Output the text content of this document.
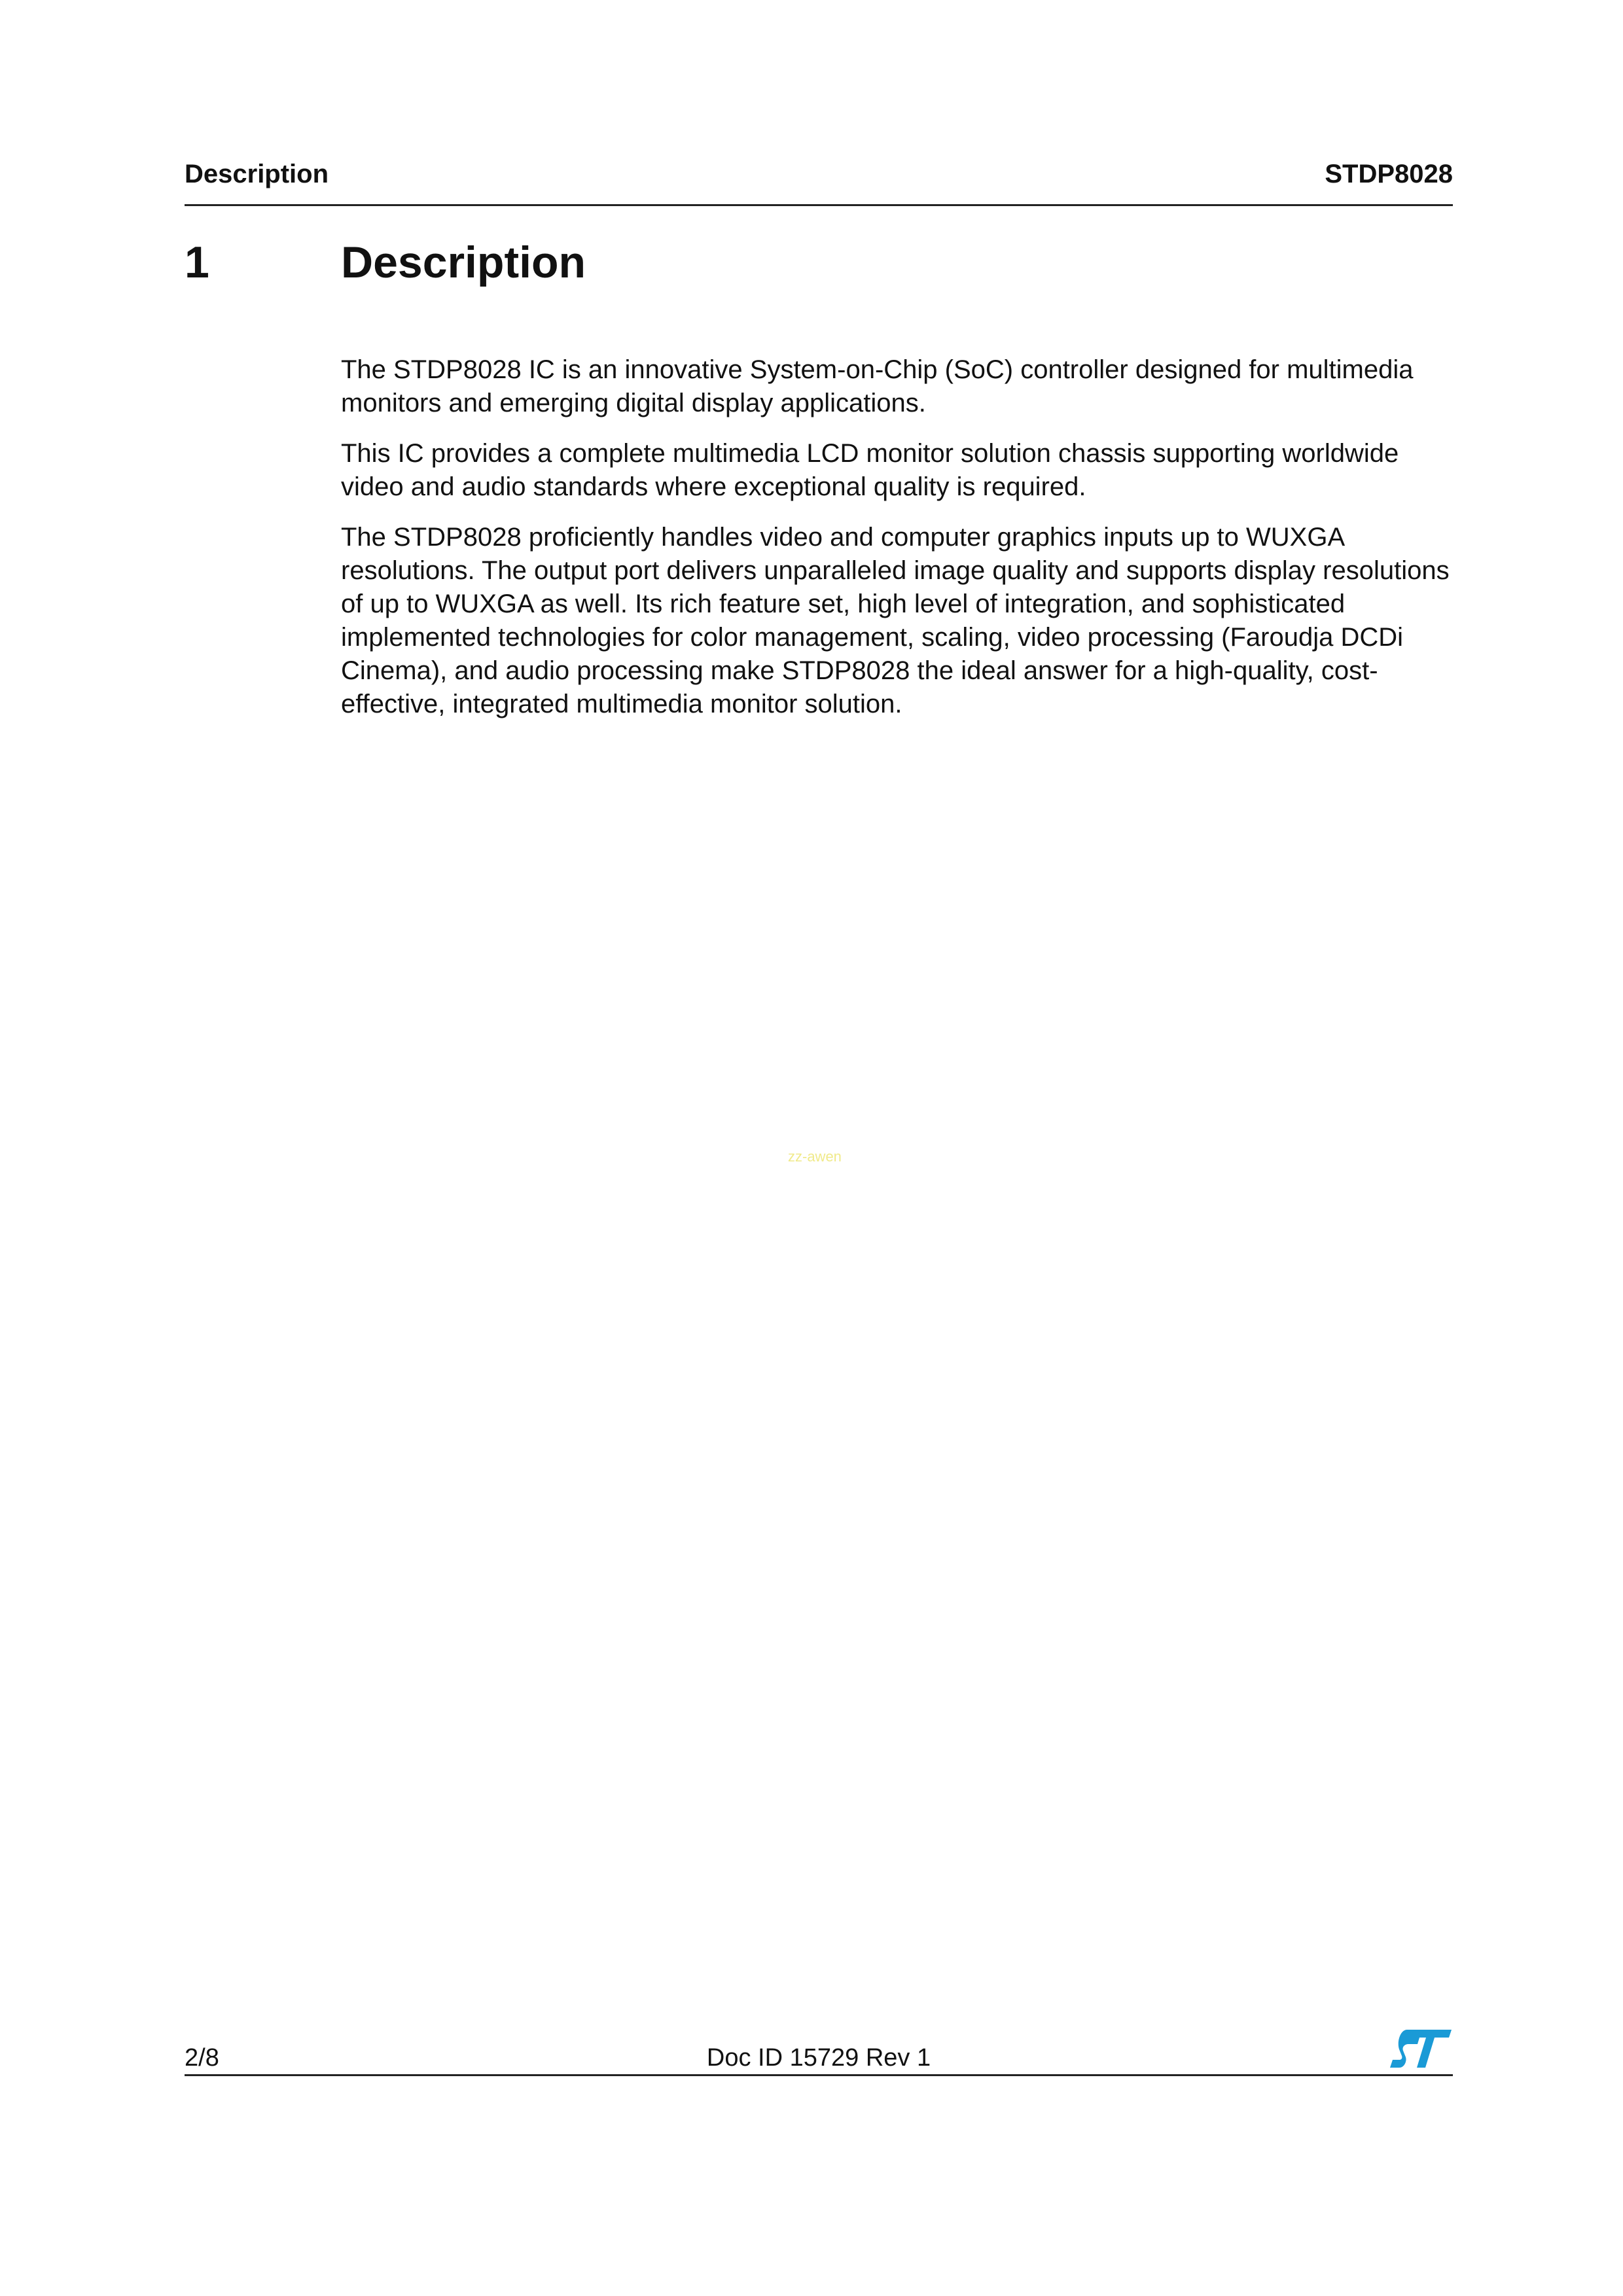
Description	STDP8028
1	Description

The STDP8028 IC is an innovative System-on-Chip (SoC) controller designed for multimedia monitors and emerging digital display applications.

This IC provides a complete multimedia LCD monitor solution chassis supporting worldwide video and audio standards where exceptional quality is required.

The STDP8028 proficiently handles video and computer graphics inputs up to WUXGA resolutions. The output port delivers unparalleled image quality and supports display resolutions of up to WUXGA as well. Its rich feature set, high level of integration, and sophisticated implemented technologies for color management, scaling, video processing (Faroudja DCDi Cinema), and audio processing make STDP8028 the ideal answer for a high-quality, cost-effective, integrated multimedia monitor solution.

zz-awen
2/8	Doc ID 15729 Rev 1
